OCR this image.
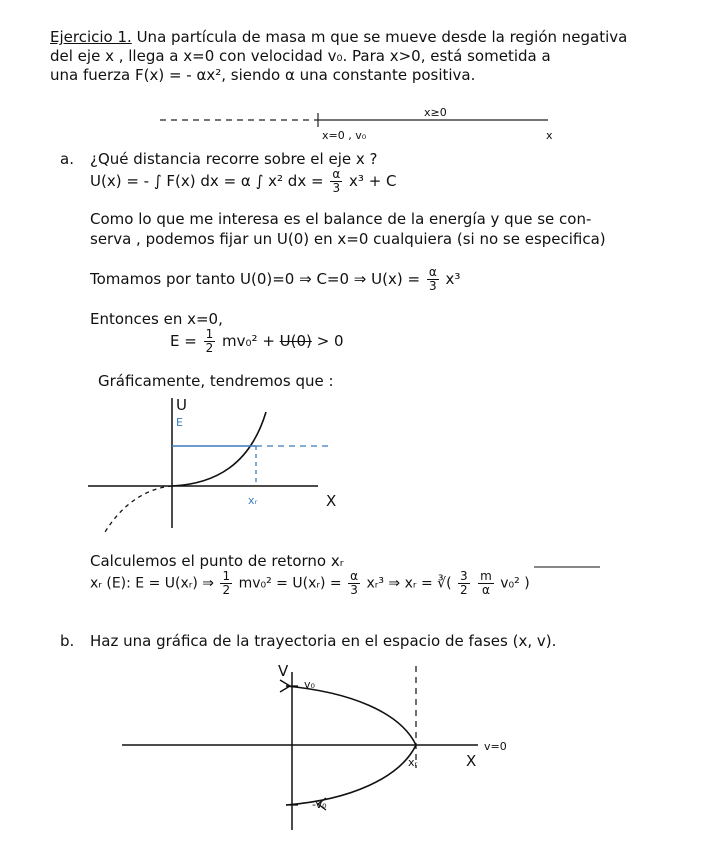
Ejercicio 1. Una partícula de masa m que se mueve desde la región negativa
del eje x , llega a x=0 con velocidad v₀. Para x>0, está sometida a
una fuerza F(x) = - αx², siendo α una constante positiva.
x≥0
x=0 , v₀	x
a. ¿Qué distancia recorre sobre el eje x ?
U(x) = - ∫ F(x) dx = α ∫ x² dx = $\frac{\alpha}{3} x^3 + C$
Como lo que me interesa es el balance de la energía y que se con-
serva , podemos fijar un U(0) en x=0 cualquiera (si no se especifica)
Tomamos por tanto U(0)=0 ⇒ C=0 ⇒ $U(x) = \frac{\alpha}{3} x^3$
Entonces en x=0,
$E = \frac{1}{2} mv_0^2 + U(0) > 0$
Gráficamente, tendremos que :
U
E
xᵣ	X
Calculemos el punto de retorno xᵣ
xᵣ (E): E = U(xᵣ) ⇒ $\frac{1}{2} mv_0^2$ = U(xᵣ) = $\frac{\alpha}{3}$ xᵣ³ ⇒ xᵣ = ∛( $\frac{3}{2}$
$\frac{m}{\alpha} v_0^2$ )
b. Haz una gráfica de la trayectoria en el espacio de fases (x, v).
V
v₀
-v₀
v=0
xᵣ	X
